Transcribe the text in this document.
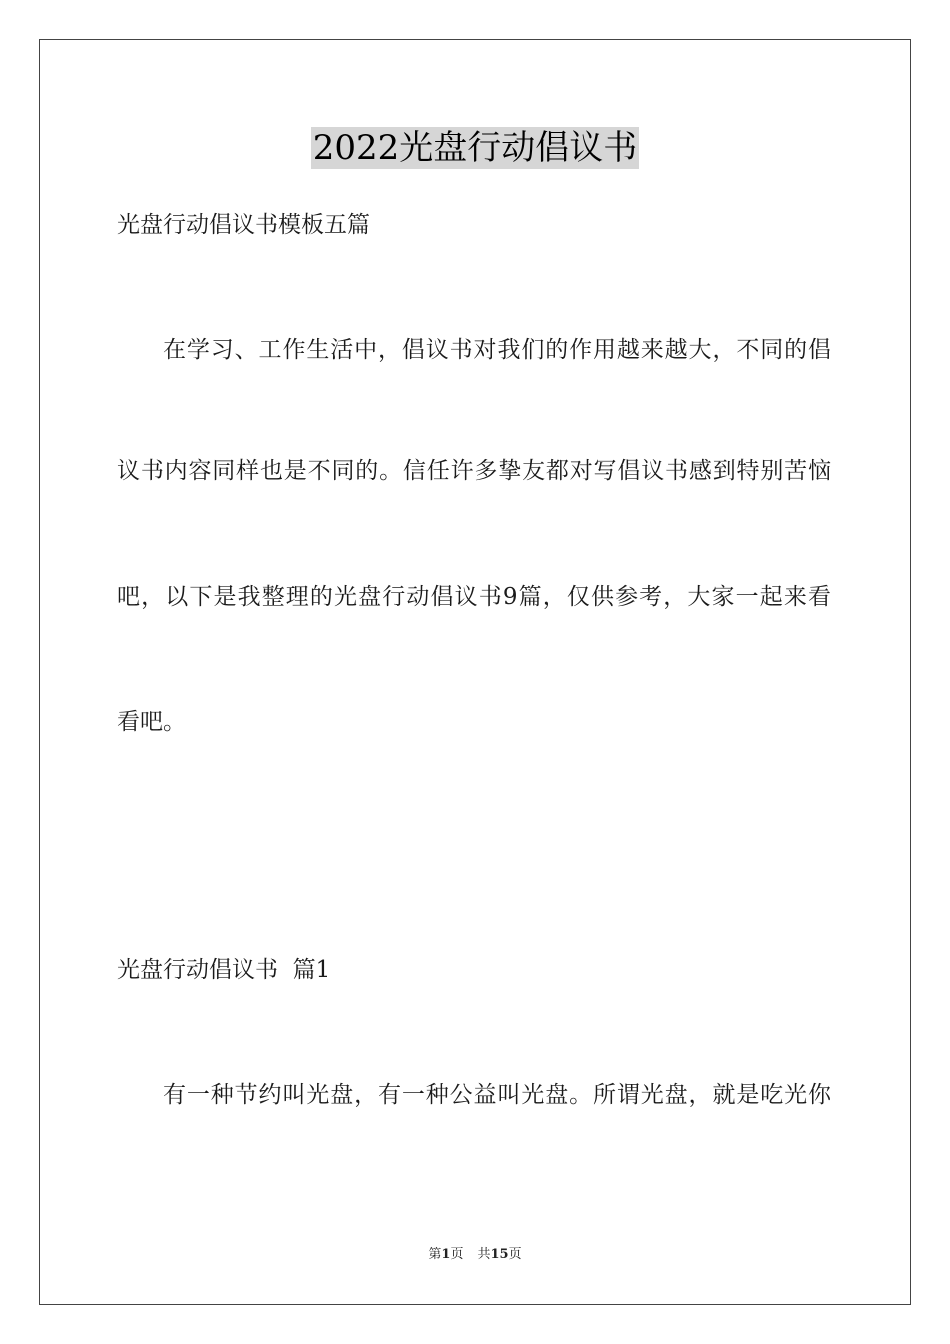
2022光盘行动倡议书
光盘行动倡议书模板五篇
在学习、工作生活中，倡议书对我们的作用越来越大，不同的倡
议书内容同样也是不同的。信任许多挚友都对写倡议书感到特别苦恼
吧，以下是我整理的光盘行动倡议书9篇，仅供参考，大家一起来看
看吧。
光盘行动倡议书  篇1
有一种节约叫光盘，有一种公益叫光盘。所谓光盘，就是吃光你
第1页 共15页
